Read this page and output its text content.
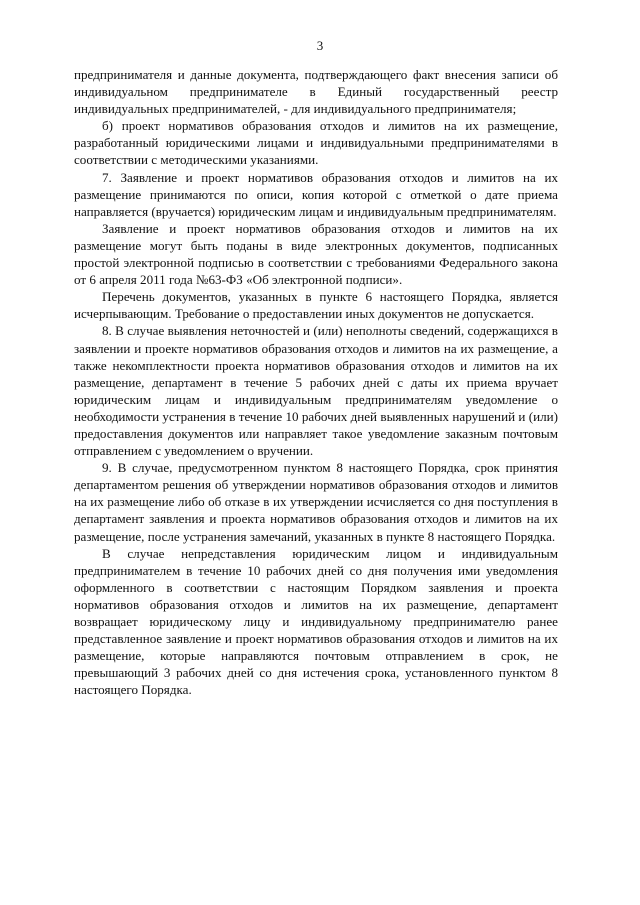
3

предпринимателя и данные документа, подтверждающего факт внесения записи об индивидуальном предпринимателе в Единый государственный реестр индивидуальных предпринимателей, - для индивидуального предпринимателя;

б) проект нормативов образования отходов и лимитов на их размещение, разработанный юридическими лицами и индивидуальными предпринимателями в соответствии с методическими указаниями.

7. Заявление и проект нормативов образования отходов и лимитов на их размещение принимаются по описи, копия которой с отметкой о дате приема направляется (вручается) юридическим лицам и индивидуальным предпринимателям.

Заявление и проект нормативов образования отходов и лимитов на их размещение могут быть поданы в виде электронных документов, подписанных простой электронной подписью в соответствии с требованиями Федерального закона от 6 апреля 2011 года №63-ФЗ «Об электронной подписи».

Перечень документов, указанных в пункте 6 настоящего Порядка, является исчерпывающим. Требование о предоставлении иных документов не допускается.

8. В случае выявления неточностей и (или) неполноты сведений, содержащихся в заявлении и проекте нормативов образования отходов и лимитов на их размещение, а также некомплектности проекта нормативов образования отходов и лимитов на их размещение, департамент в течение 5 рабочих дней с даты их приема вручает юридическим лицам и индивидуальным предпринимателям уведомление о необходимости устранения в течение 10 рабочих дней выявленных нарушений и (или) предоставления документов или направляет такое уведомление заказным почтовым отправлением с уведомлением о вручении.

9. В случае, предусмотренном пунктом 8 настоящего Порядка, срок принятия департаментом решения об утверждении нормативов образования отходов и лимитов на их размещение либо об отказе в их утверждении исчисляется со дня поступления в департамент заявления и проекта нормативов образования отходов и лимитов на их размещение, после устранения замечаний, указанных в пункте 8 настоящего Порядка.

В случае непредставления юридическим лицом и индивидуальным предпринимателем в течение 10 рабочих дней со дня получения ими уведомления оформленного в соответствии с настоящим Порядком заявления и проекта нормативов образования отходов и лимитов на их размещение, департамент возвращает юридическому лицу и индивидуальному предпринимателю ранее представленное заявление и проект нормативов образования отходов и лимитов на их размещение, которые направляются почтовым отправлением в срок, не превышающий 3 рабочих дней со дня истечения срока, установленного пунктом 8 настоящего Порядка.
